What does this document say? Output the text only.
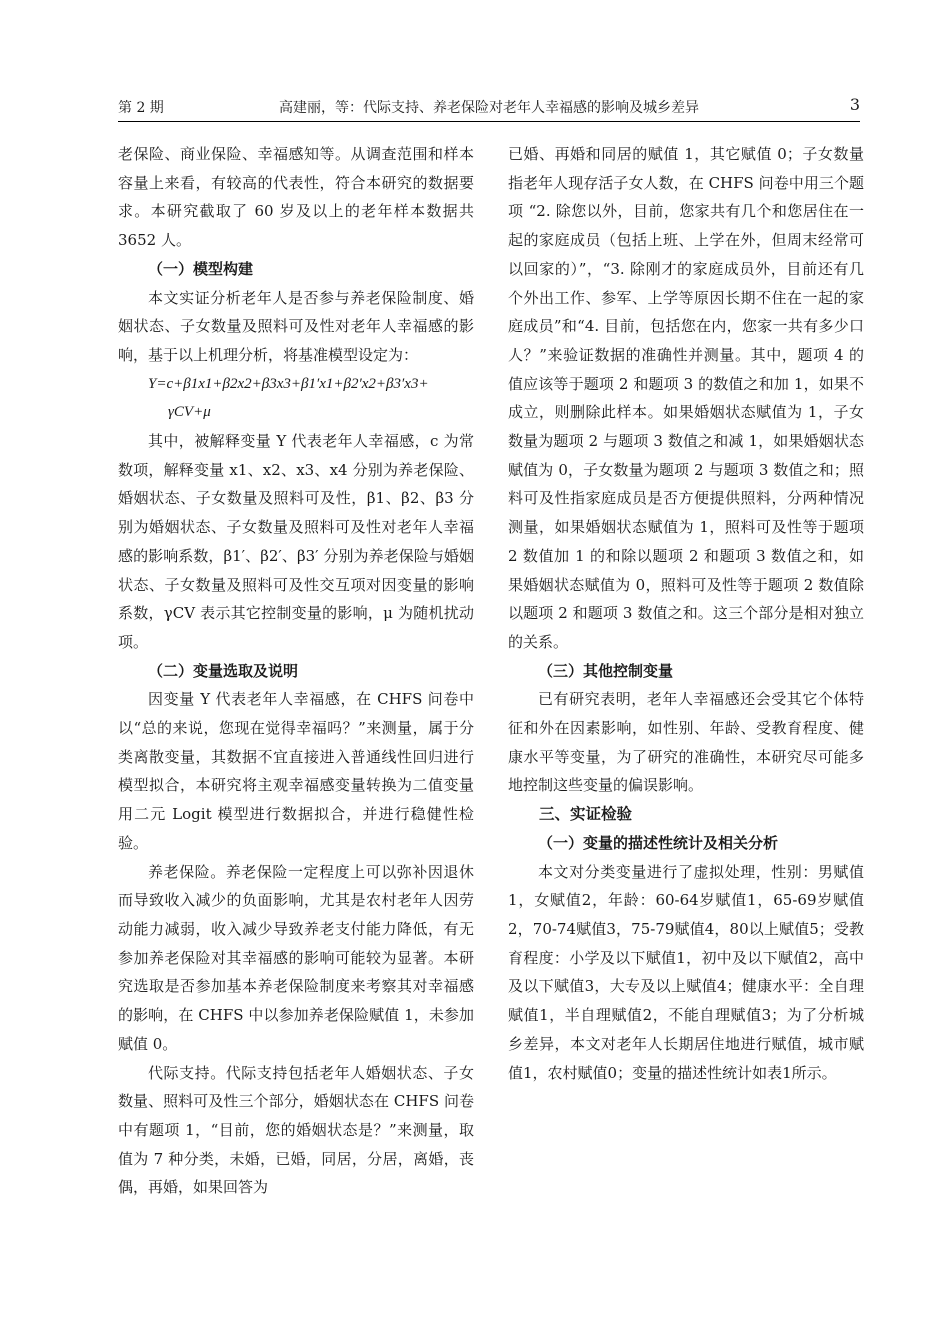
第 2 期	高建丽，等：代际支持、养老保险对老年人幸福感的影响及城乡差异	3

老保险、商业保险、幸福感知等。从调查范围和样本容量上来看，有较高的代表性，符合本研究的数据要求。本研究截取了 60 岁及以上的老年样本数据共 3652 人。

（一）模型构建

本文实证分析老年人是否参与养老保险制度、婚姻状态、子女数量及照料可及性对老年人幸福感的影响，基于以上机理分析，将基准模型设定为：

Y=c+β1x1+β2x2+β3x3+β1′x1+β2′x2+β3′x3+
γCV+μ

其中，被解释变量 Y 代表老年人幸福感，c 为常数项，解释变量 x1、x2、x3、x4 分别为养老保险、婚姻状态、子女数量及照料可及性，β1、β2、β3 分别为婚姻状态、子女数量及照料可及性对老年人幸福感的影响系数，β1′、β2′、β3′ 分别为养老保险与婚姻状态、子女数量及照料可及性交互项对因变量的影响系数，γCV 表示其它控制变量的影响，μ 为随机扰动项。

（二）变量选取及说明

因变量 Y 代表老年人幸福感，在 CHFS 问卷中以“总的来说，您现在觉得幸福吗？”来测量，属于分类离散变量，其数据不宜直接进入普通线性回归进行模型拟合，本研究将主观幸福感变量转换为二值变量用二元 Logit 模型进行数据拟合，并进行稳健性检验。

养老保险。养老保险一定程度上可以弥补因退休而导致收入减少的负面影响，尤其是农村老年人因劳动能力减弱，收入减少导致养老支付能力降低，有无参加养老保险对其幸福感的影响可能较为显著。本研究选取是否参加基本养老保险制度来考察其对幸福感的影响，在 CHFS 中以参加养老保险赋值 1，未参加赋值 0。

代际支持。代际支持包括老年人婚姻状态、子女数量、照料可及性三个部分，婚姻状态在 CHFS 问卷中有题项 1，“目前，您的婚姻状态是？”来测量，取值为 7 种分类，未婚，已婚，同居，分居，离婚，丧偶，再婚，如果回答为

已婚、再婚和同居的赋值 1，其它赋值 0；子女数量指老年人现存活子女人数，在 CHFS 问卷中用三个题项 “2. 除您以外，目前，您家共有几个和您居住在一起的家庭成员（包括上班、上学在外，但周末经常可以回家的）”，“3. 除刚才的家庭成员外，目前还有几个外出工作、参军、上学等原因长期不住在一起的家庭成员”和“4. 目前，包括您在内，您家一共有多少口人？”来验证数据的准确性并测量。其中，题项 4 的值应该等于题项 2 和题项 3 的数值之和加 1，如果不成立，则删除此样本。如果婚姻状态赋值为 1，子女数量为题项 2 与题项 3 数值之和减 1，如果婚姻状态赋值为 0，子女数量为题项 2 与题项 3 数值之和；照料可及性指家庭成员是否方便提供照料，分两种情况测量，如果婚姻状态赋值为 1，照料可及性等于题项 2 数值加 1 的和除以题项 2 和题项 3 数值之和，如果婚姻状态赋值为 0，照料可及性等于题项 2 数值除以题项 2 和题项 3 数值之和。这三个部分是相对独立的关系。

（三）其他控制变量

已有研究表明，老年人幸福感还会受其它个体特征和外在因素影响，如性别、年龄、受教育程度、健康水平等变量，为了研究的准确性，本研究尽可能多地控制这些变量的偏误影响。

三、实证检验
（一）变量的描述性统计及相关分析

本文对分类变量进行了虚拟处理，性别：男赋值1，女赋值2，年龄：60-64岁赋值1，65-69岁赋值2，70-74赋值3，75-79赋值4，80以上赋值5；受教育程度：小学及以下赋值1，初中及以下赋值2，高中及以下赋值3，大专及以上赋值4；健康水平：全自理赋值1，半自理赋值2，不能自理赋值3；为了分析城乡差异，本文对老年人长期居住地进行赋值，城市赋值1，农村赋值0；变量的描述性统计如表1所示。
